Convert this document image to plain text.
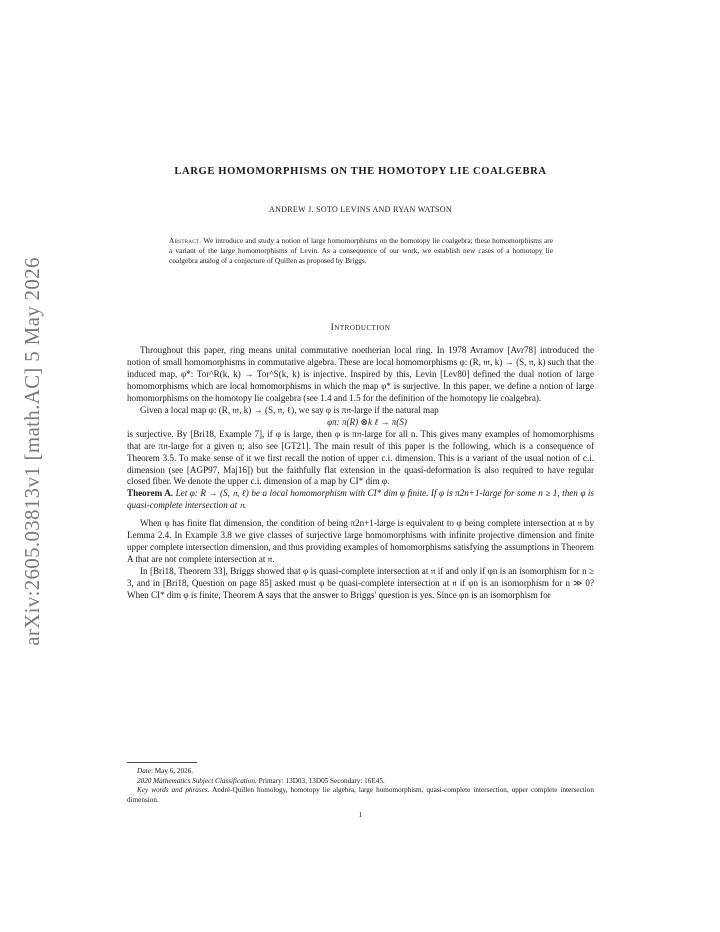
arXiv:2605.03813v1 [math.AC] 5 May 2026
LARGE HOMOMORPHISMS ON THE HOMOTOPY LIE COALGEBRA
ANDREW J. SOTO LEVINS AND RYAN WATSON
Abstract. We introduce and study a notion of large homomorphisms on the homotopy lie coalgebra; these homomorphisms are a variant of the large homomorphisms of Levin. As a consequence of our work, we establish new cases of a homotopy lie coalgebra analog of a conjecture of Quillen as proposed by Briggs.
Introduction

Throughout this paper, ring means unital commutative noetherian local ring. In 1978 Avramov [Avr78] introduced the notion of small homomorphisms in commutative algebra. These are local homomorphisms φ: (R, 𝔪, k) → (S, 𝔫, k) such that the induced map, φ*: Tor^R(k, k) → Tor^S(k, k) is injective. Inspired by this, Levin [Lev80] defined the dual notion of large homomorphisms which are local homomorphisms in which the map φ* is surjective. In this paper, we define a notion of large homomorphisms on the homotopy lie coalgebra (see 1.4 and 1.5 for the definition of the homotopy lie coalgebra).

Given a local map φ: (R, 𝔪, k) → (S, 𝔫, ℓ), we say φ is π𝔫-large if the natural map

φπ: π(R) ⊗k ℓ → π(S)

is surjective. By [Bri18, Example 7], if φ is large, then φ is π𝔫-large for all n. This gives many examples of homomorphisms that are π𝔫-large for a given n; also see [GT21]. The main result of this paper is the following, which is a consequence of Theorem 3.5. To make sense of it we first recall the notion of upper c.i. dimension. This is a variant of the usual notion of c.i. dimension (see [AGP97, Maj16]) but the faithfully flat extension in the quasi-deformation is also required to have regular closed fiber. We denote the upper c.i. dimension of a map by CI* dim φ.

Theorem A. Let φ: R → (S, 𝔫, ℓ) be a local homomorphism with CI* dim φ finite. If φ is π2n+1-large for some n ≥ 1, then φ is quasi-complete intersection at 𝔫.

When φ has finite flat dimension, the condition of being π2n+1-large is equivalent to φ being complete intersection at 𝔫 by Lemma 2.4. In Example 3.8 we give classes of surjective large homomorphisms with infinite projective dimension and finite upper complete intersection dimension, and thus providing examples of homomorphisms satisfying the assumptions in Theorem A that are not complete intersection at 𝔫.

In [Bri18, Theorem 33], Briggs showed that φ is quasi-complete intersection at 𝔫 if and only if φn is an isomorphism for n ≥ 3, and in [Bri18, Question on page 85] asked must φ be quasi-complete intersection at 𝔫 if φn is an isomorphism for n ≫ 0? When CI* dim φ is finite, Theorem A says that the answer to Briggs' question is yes. Since φn is an isomorphism for

Date: May 6, 2026.

2020 Mathematics Subject Classification. Primary: 13D03, 13D05 Secondary: 16E45.

Key words and phrases. André-Quillen homology, homotopy lie algebra, large homomorphism, quasi-complete intersection, upper complete intersection dimension.

1
